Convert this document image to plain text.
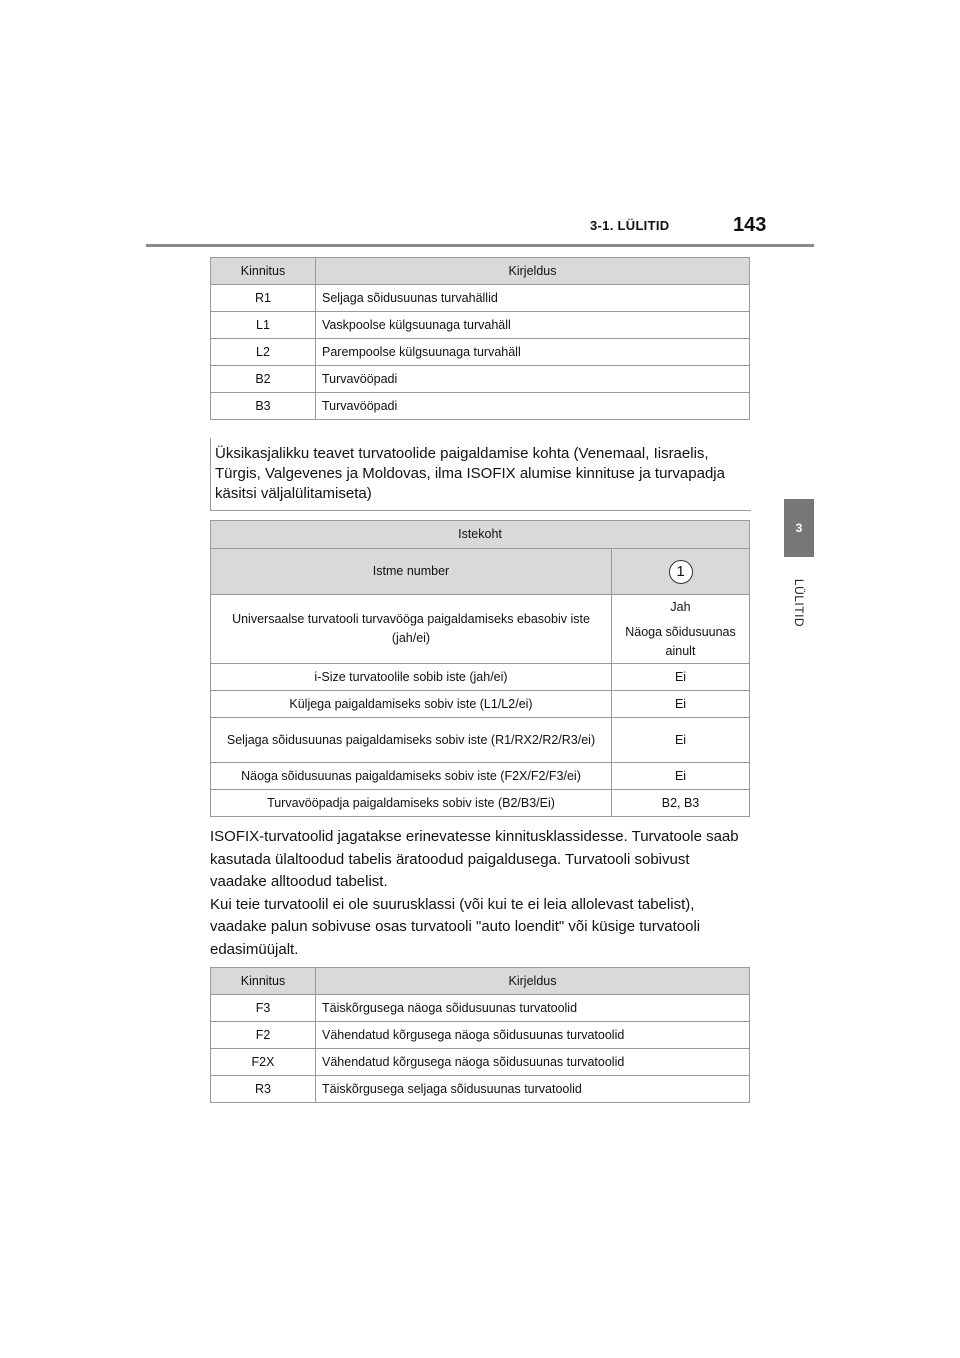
3-1. LÜLITID	143
3
LÜLITID
Kinnitus	Kirjeldus
R1	Seljaga sõidusuunas turvahällid
L1	Vaskpoolse külgsuunaga turvahäll
L2	Parempoolse külgsuunaga turvahäll
B2	Turvavööpadi
B3	Turvavööpadi
Üksikasjalikku teavet turvatoolide paigaldamise kohta (Venemaal, Iisraelis, Türgis, Valgevenes ja Moldovas, ilma ISOFIX alumise kinnituse ja turvapadja käsitsi väljalülitamiseta)
Istekoht	
Istme number	1
Universaalse turvatooli turvavööga paigaldamiseks ebasobiv iste (jah/ei)	Jah
Näoga sõidusuunas ainult

i-Size turvatoolile sobib iste (jah/ei)	Ei
Küljega paigaldamiseks sobiv iste (L1/L2/ei)	Ei
Seljaga sõidusuunas paigaldamiseks sobiv iste (R1/RX2/R2/R3/ei)	Ei
Näoga sõidusuunas paigaldamiseks sobiv iste (F2X/F2/F3/ei)	Ei
Turvavööpadja paigaldamiseks sobiv iste (B2/B3/Ei)	B2, B3

ISOFIX-turvatoolid jagatakse erinevatesse kinnitusklassidesse. Turvatoole saab kasutada ülaltoodud tabelis äratoodud paigaldusega. Turvatooli sobivust vaadake alltoodud tabelist.

Kui teie turvatoolil ei ole suurusklassi (või kui te ei leia allolevast tabelist), vaadake palun sobivuse osas turvatooli "auto loendit" või küsige turvatooli edasimüüjalt.

Kinnitus	Kirjeldus
F3	Täiskõrgusega näoga sõidusuunas turvatoolid
F2	Vähendatud kõrgusega näoga sõidusuunas turvatoolid
F2X	Vähendatud kõrgusega näoga sõidusuunas turvatoolid
R3	Täiskõrgusega seljaga sõidusuunas turvatoolid
